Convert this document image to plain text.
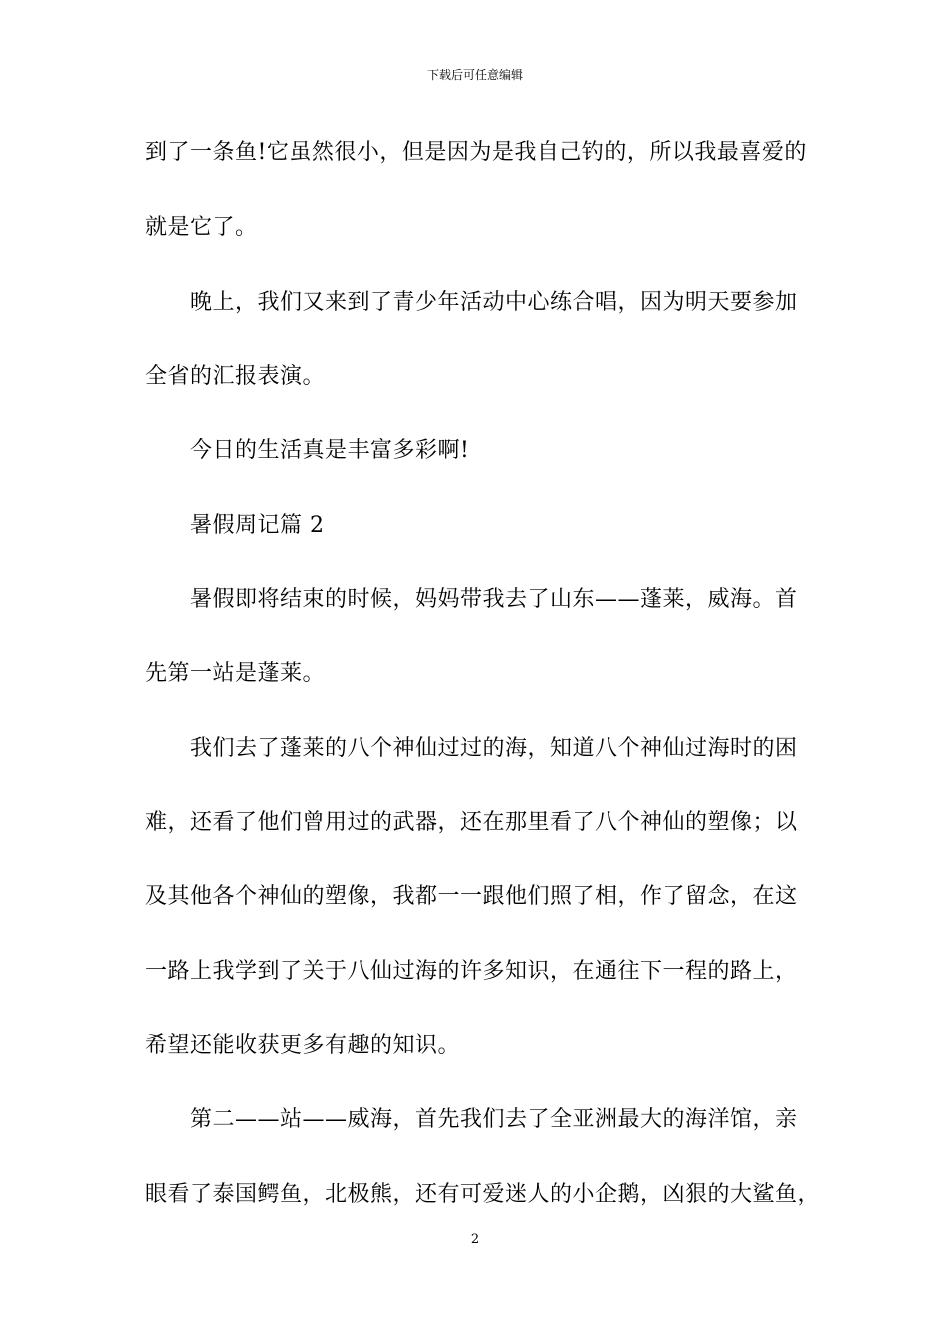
下载后可任意编辑
到了一条鱼!它虽然很小，但是因为是我自己钓的，所以我最喜爱的
就是它了。
晚上，我们又来到了青少年活动中心练合唱，因为明天要参加
全省的汇报表演。
今日的生活真是丰富多彩啊!
暑假周记篇 2
暑假即将结束的时候，妈妈带我去了山东——蓬莱，威海。首
先第一站是蓬莱。
我们去了蓬莱的八个神仙过过的海，知道八个神仙过海时的困
难，还看了他们曾用过的武器，还在那里看了八个神仙的塑像；以
及其他各个神仙的塑像，我都一一跟他们照了相，作了留念，在这
一路上我学到了关于八仙过海的许多知识，在通往下一程的路上，
希望还能收获更多有趣的知识。
第二——站——威海，首先我们去了全亚洲最大的海洋馆，亲
眼看了泰国鳄鱼，北极熊，还有可爱迷人的小企鹅，凶狠的大鲨鱼，
2
